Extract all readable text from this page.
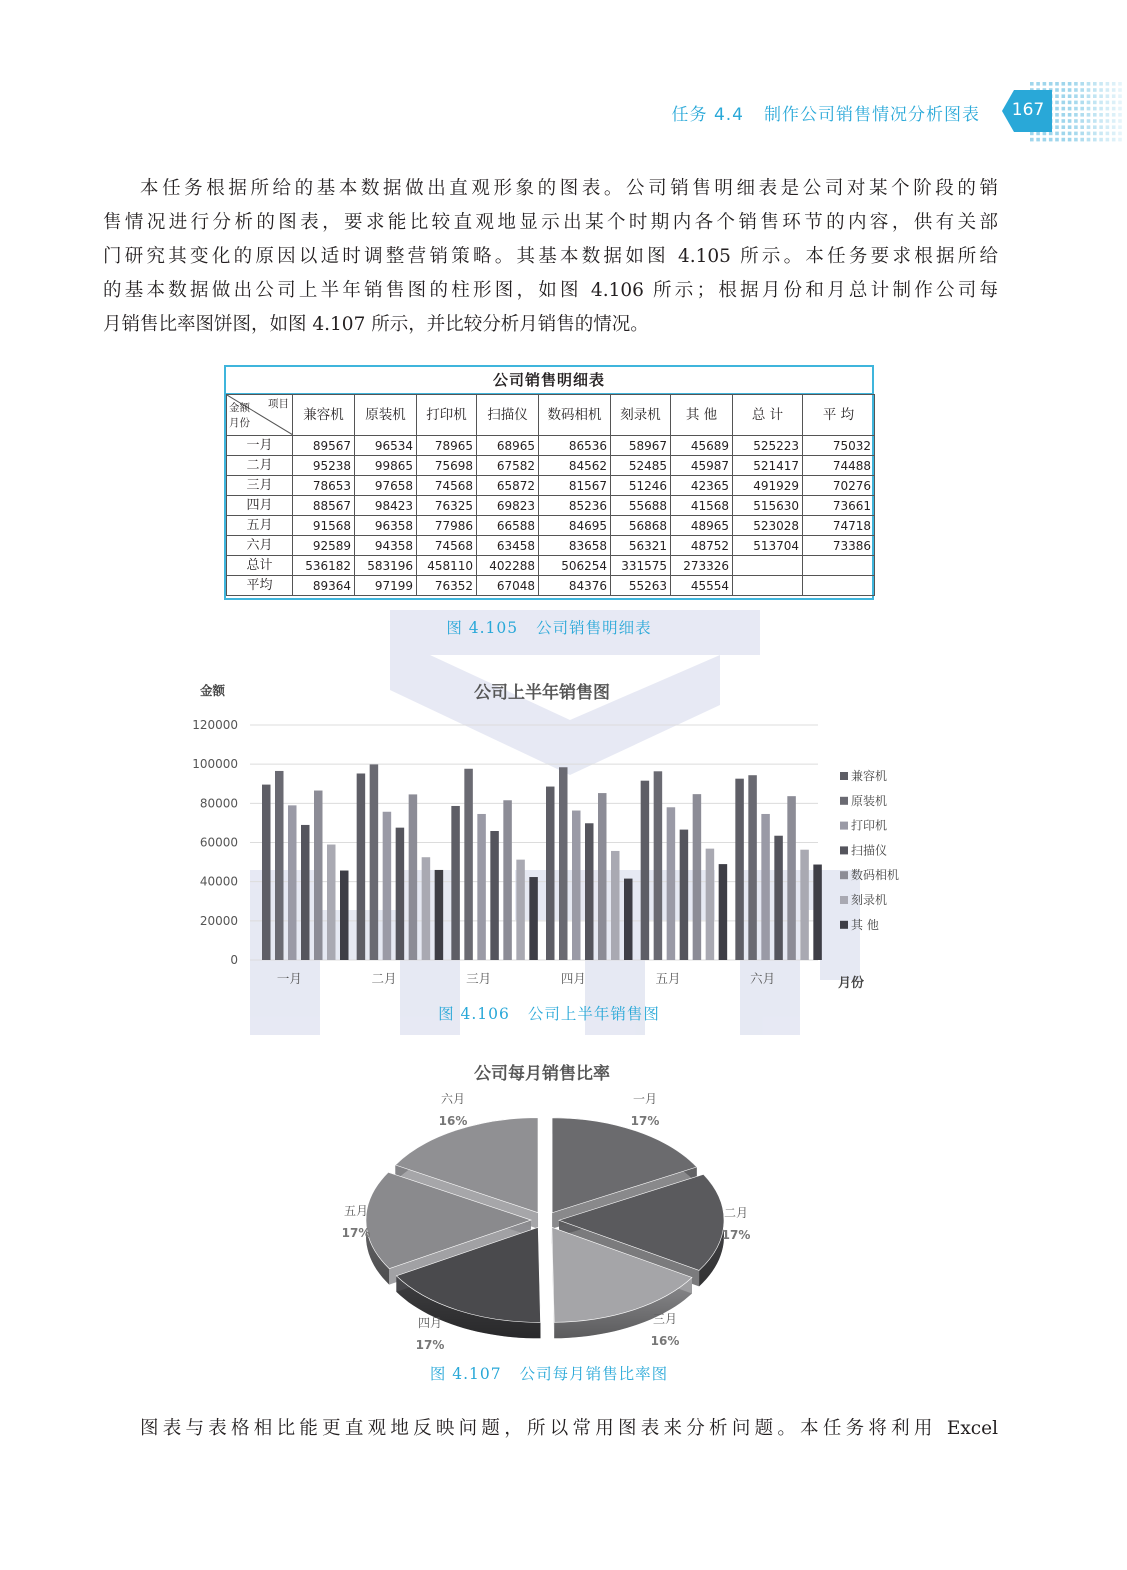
任务 4.4 制作公司销售情况分析图表	167
本任务根据所给的基本数据做出直观形象的图表。公司销售明细表是公司对某个阶段的销
售情况进行分析的图表，要求能比较直观地显示出某个时期内各个销售环节的内容，供有关部
门研究其变化的原因以适时调整营销策略。其基本数据如图 4.105 所示。本任务要求根据所给
的基本数据做出公司上半年销售图的柱形图，如图 4.106 所示；根据月份和月总计制作公司每
月销售比率图饼图，如图 4.107 所示，并比较分析月销售的情况。
公司销售明细表
金额 项目
月份	兼容机	原装机	打印机	扫描仪	数码相机	刻录机	其 他	总 计	平 均
一月	89567	96534	78965	68965	86536	58967	45689	525223	75032
二月	95238	99865	75698	67582	84562	52485	45987	521417	74488
三月	78653	97658	74568	65872	81567	51246	42365	491929	70276
四月	88567	98423	76325	69823	85236	55688	41568	515630	73661
五月	91568	96358	77986	66588	84695	56868	48965	523028	74718
六月	92589	94358	74568	63458	83658	56321	48752	513704	73386
总计	536182	583196	458110	402288	506254	331575	273326		
平均	89364	97199	76352	67048	84376	55263	45554		
图 4.105 公司销售明细表
公司上半年销售图
金额
月份
0
20000
40000
60000
80000
100000
120000
一月	二月	三月	四月	五月	六月
兼容机
原装机
打印机
扫描仪
数码相机
刻录机
其 他
图 4.106 公司上半年销售图
公司每月销售比率
一月
17%
二月
17%
三月
16%
四月
17%
五月
17%
六月
16%
图 4.107 公司每月销售比率图
图表与表格相比能更直观地反映问题，所以常用图表来分析问题。本任务将利用 Excel
